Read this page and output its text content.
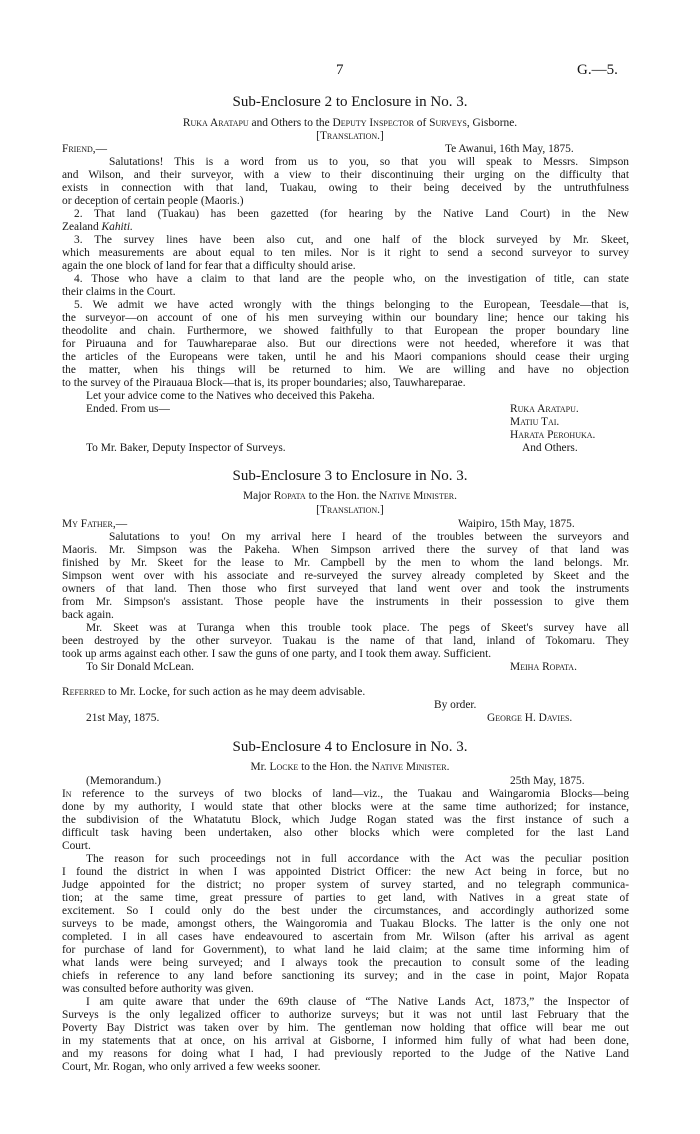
7	G.—5.
Sub-Enclosure 2 to Enclosure in No. 3.
Ruka Aratapu and Others to the Deputy Inspector of Surveys, Gisborne.
[Translation.]
Friend,—	Te Awanui, 16th May, 1875.
Salutations! This is a word from us to you, so that you will speak to Messrs. Simpson
and Wilson, and their surveyor, with a view to their discontinuing their urging on the difficulty that
exists in connection with that land, Tuakau, owing to their being deceived by the untruthfulness
or deception of certain people (Maoris.)
2. That land (Tuakau) has been gazetted (for hearing by the Native Land Court) in the New
Zealand Kahiti.
3. The survey lines have been also cut, and one half of the block surveyed by Mr. Skeet,
which measurements are about equal to ten miles. Nor is it right to send a second surveyor to survey
again the one block of land for fear that a difficulty should arise.
4. Those who have a claim to that land are the people who, on the investigation of title, can state
their claims in the Court.
5. We admit we have acted wrongly with the things belonging to the European, Teesdale—that is,
the surveyor—on account of one of his men surveying within our boundary line; hence our taking his
theodolite and chain. Furthermore, we showed faithfully to that European the proper boundary line
for Piruauna and for Tauwhareparae also. But our directions were not heeded, wherefore it was that
the articles of the Europeans were taken, until he and his Maori companions should cease their urging
the matter, when his things will be returned to him. We are willing and have no objection
to the survey of the Pirauaua Block—that is, its proper boundaries; also, Tauwhareparae.
Let your advice come to the Natives who deceived this Pakeha.
Ended. From us—	Ruka Aratapu.
Matiu Tai.
Harata Perohuka.
To Mr. Baker, Deputy Inspector of Surveys.	And Others.
Sub-Enclosure 3 to Enclosure in No. 3.
Major Ropata to the Hon. the Native Minister.
[Translation.]
My Father,—	Waipiro, 15th May, 1875.
Salutations to you! On my arrival here I heard of the troubles between the surveyors and
Maoris. Mr. Simpson was the Pakeha. When Simpson arrived there the survey of that land was
finished by Mr. Skeet for the lease to Mr. Campbell by the men to whom the land belongs. Mr.
Simpson went over with his associate and re-surveyed the survey already completed by Skeet and the
owners of that land. Then those who first surveyed that land went over and took the instruments
from Mr. Simpson's assistant. Those people have the instruments in their possession to give them
back again.
Mr. Skeet was at Turanga when this trouble took place. The pegs of Skeet's survey have all
been destroyed by the other surveyor. Tuakau is the name of that land, inland of Tokomaru. They
took up arms against each other. I saw the guns of one party, and I took them away. Sufficient.
To Sir Donald McLean.	Meiha Ropata.
Referred to Mr. Locke, for such action as he may deem advisable.
By order.
21st May, 1875.	George H. Davies.
Sub-Enclosure 4 to Enclosure in No. 3.
Mr. Locke to the Hon. the Native Minister.
(Memorandum.)	25th May, 1875.
In reference to the surveys of two blocks of land—viz., the Tuakau and Waingaromia Blocks—being
done by my authority, I would state that other blocks were at the same time authorized; for instance,
the subdivision of the Whatatutu Block, which Judge Rogan stated was the first instance of such a
difficult task having been undertaken, also other blocks which were completed for the last Land
Court.
The reason for such proceedings not in full accordance with the Act was the peculiar position
I found the district in when I was appointed District Officer: the new Act being in force, but no
Judge appointed for the district; no proper system of survey started, and no telegraph communica-
tion; at the same time, great pressure of parties to get land, with Natives in a great state of
excitement. So I could only do the best under the circumstances, and accordingly authorized some
surveys to be made, amongst others, the Waingoromia and Tuakau Blocks. The latter is the only one not
completed. I in all cases have endeavoured to ascertain from Mr. Wilson (after his arrival as agent
for purchase of land for Government), to what land he laid claim; at the same time informing him of
what lands were being surveyed; and I always took the precaution to consult some of the leading
chiefs in reference to any land before sanctioning its survey; and in the case in point, Major Ropata
was consulted before authority was given.
I am quite aware that under the 69th clause of “The Native Lands Act, 1873,” the Inspector of
Surveys is the only legalized officer to authorize surveys; but it was not until last February that the
Poverty Bay District was taken over by him. The gentleman now holding that office will bear me out
in my statements that at once, on his arrival at Gisborne, I informed him fully of what had been done,
and my reasons for doing what I had, I had previously reported to the Judge of the Native Land
Court, Mr. Rogan, who only arrived a few weeks sooner.
